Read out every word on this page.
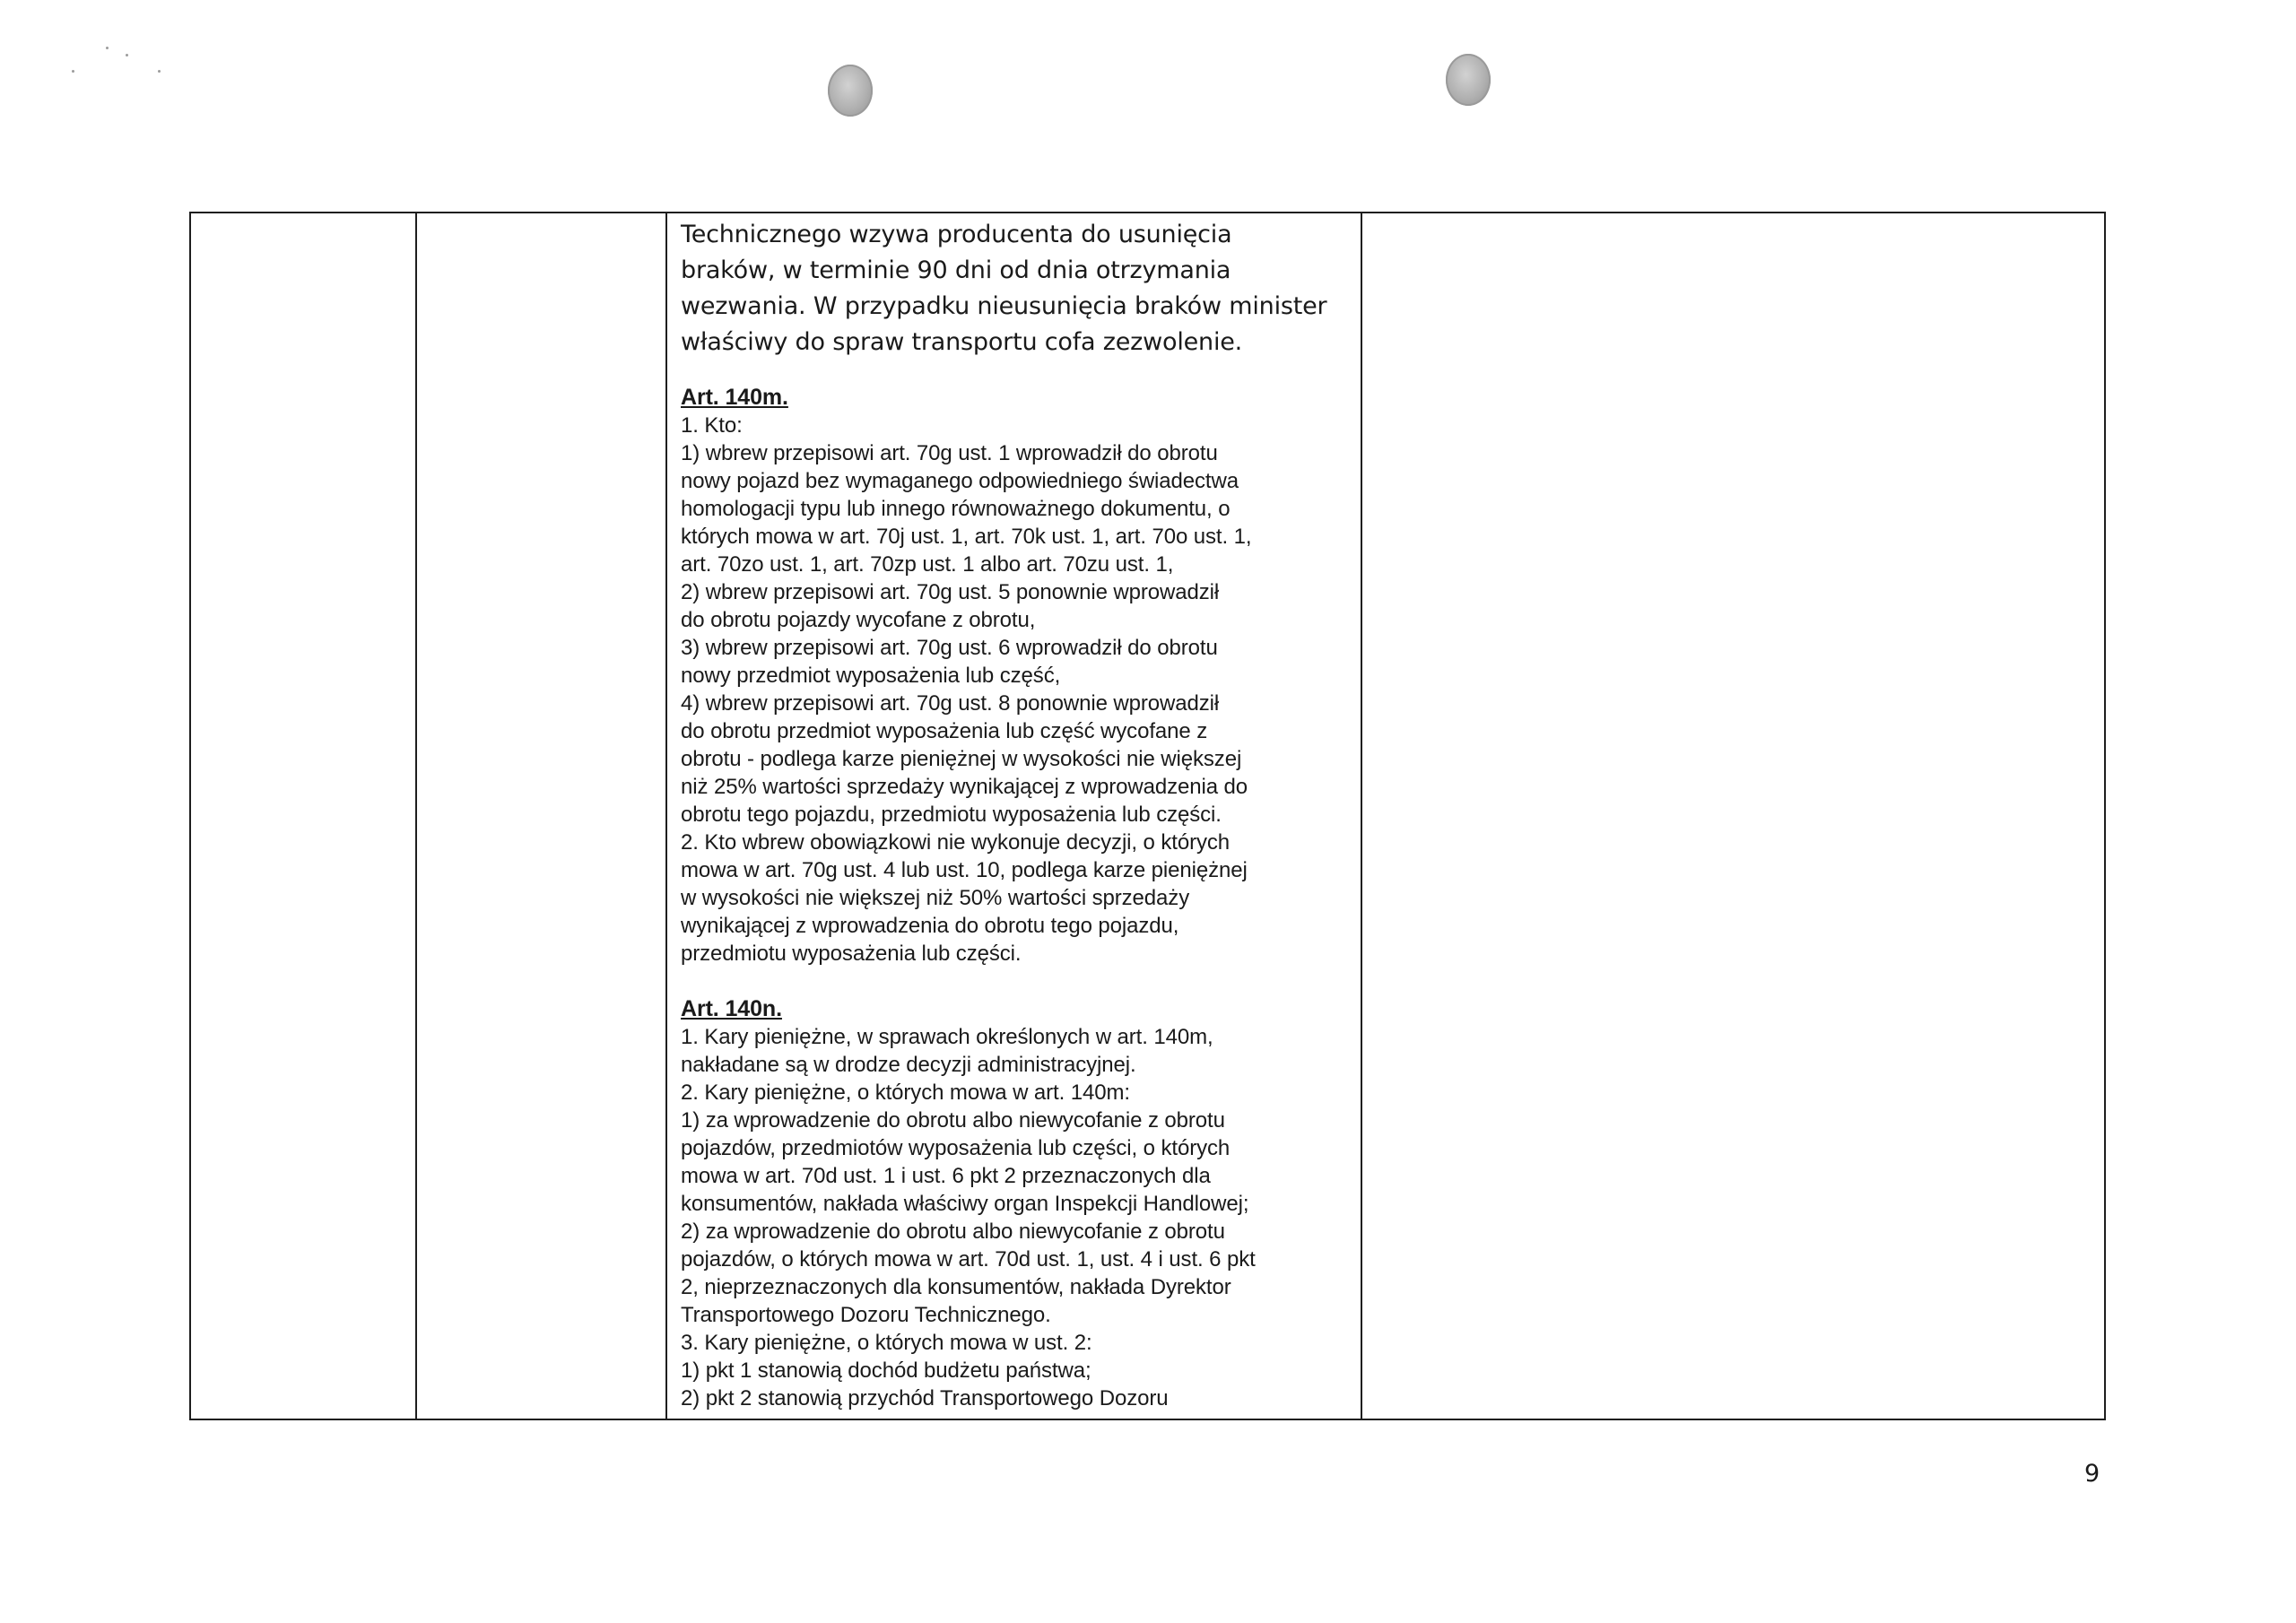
Technicznego wzywa producenta do usunięcia
braków, w terminie 90 dni od dnia otrzymania
wezwania. W przypadku nieusunięcia braków minister
właściwy do spraw transportu cofa zezwolenie.
Art. 140m.
1. Kto:
1) wbrew przepisowi art. 70g ust. 1 wprowadził do obrotu
nowy pojazd bez wymaganego odpowiedniego świadectwa
homologacji typu lub innego równoważnego dokumentu, o
których mowa w art. 70j ust. 1, art. 70k ust. 1, art. 70o ust. 1,
art. 70zo ust. 1, art. 70zp ust. 1 albo art. 70zu ust. 1,
2) wbrew przepisowi art. 70g ust. 5 ponownie wprowadził
do obrotu pojazdy wycofane z obrotu,
3) wbrew przepisowi art. 70g ust. 6 wprowadził do obrotu
nowy przedmiot wyposażenia lub część,
4) wbrew przepisowi art. 70g ust. 8 ponownie wprowadził
do obrotu przedmiot wyposażenia lub część wycofane z
obrotu - podlega karze pieniężnej w wysokości nie większej
niż 25% wartości sprzedaży wynikającej z wprowadzenia do
obrotu tego pojazdu, przedmiotu wyposażenia lub części.
2. Kto wbrew obowiązkowi nie wykonuje decyzji, o których
mowa w art. 70g ust. 4 lub ust. 10, podlega karze pieniężnej
w wysokości nie większej niż 50% wartości sprzedaży
wynikającej z wprowadzenia do obrotu tego pojazdu,
przedmiotu wyposażenia lub części.
Art. 140n.
1. Kary pieniężne, w sprawach określonych w art. 140m,
nakładane są w drodze decyzji administracyjnej.
2. Kary pieniężne, o których mowa w art. 140m:
1) za wprowadzenie do obrotu albo niewycofanie z obrotu
pojazdów, przedmiotów wyposażenia lub części, o których
mowa w art. 70d ust. 1 i ust. 6 pkt 2 przeznaczonych dla
konsumentów, nakłada właściwy organ Inspekcji Handlowej;
2) za wprowadzenie do obrotu albo niewycofanie z obrotu
pojazdów, o których mowa w art. 70d ust. 1, ust. 4 i ust. 6 pkt
2, nieprzeznaczonych dla konsumentów, nakłada Dyrektor
Transportowego Dozoru Technicznego.
3. Kary pieniężne, o których mowa w ust. 2:
1) pkt 1 stanowią dochód budżetu państwa;
2) pkt 2 stanowią przychód Transportowego Dozoru

9
